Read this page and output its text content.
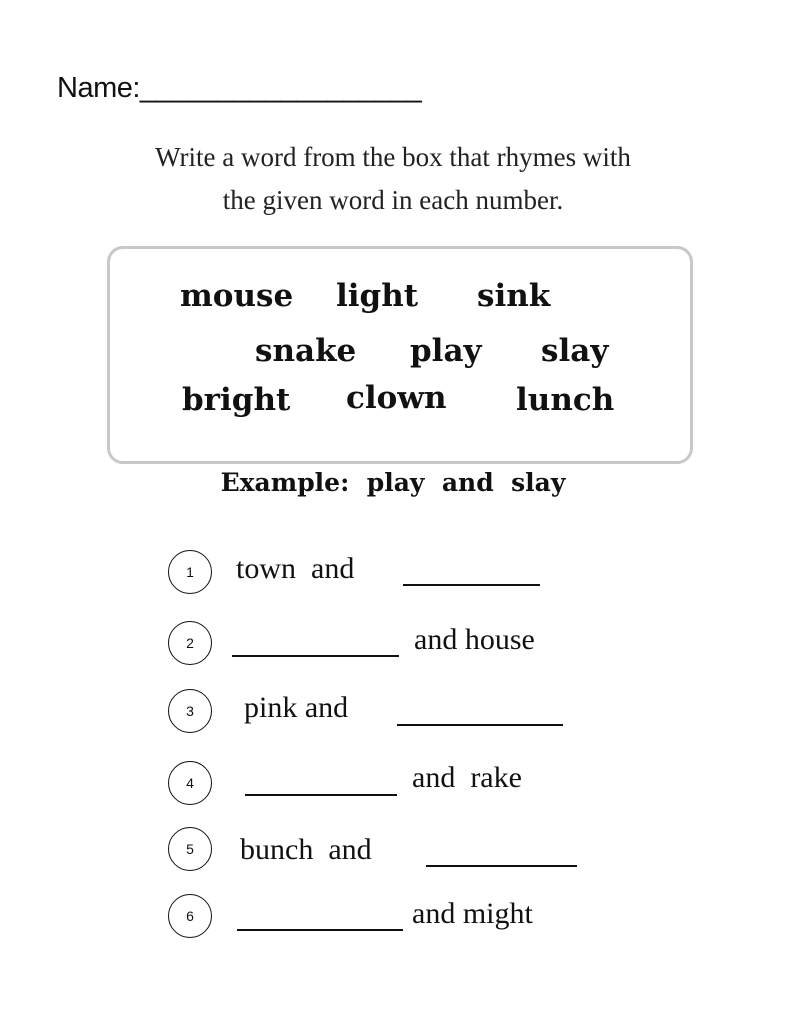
Name:__________________
Write a word from the box that rhymes with
the given word in each number.
mouse light sink
snake play slay
bright clown lunch
Example:  play  and  slay
1	town  and
2	and house
3	pink and
4	and  rake
5	bunch  and
6	and might
